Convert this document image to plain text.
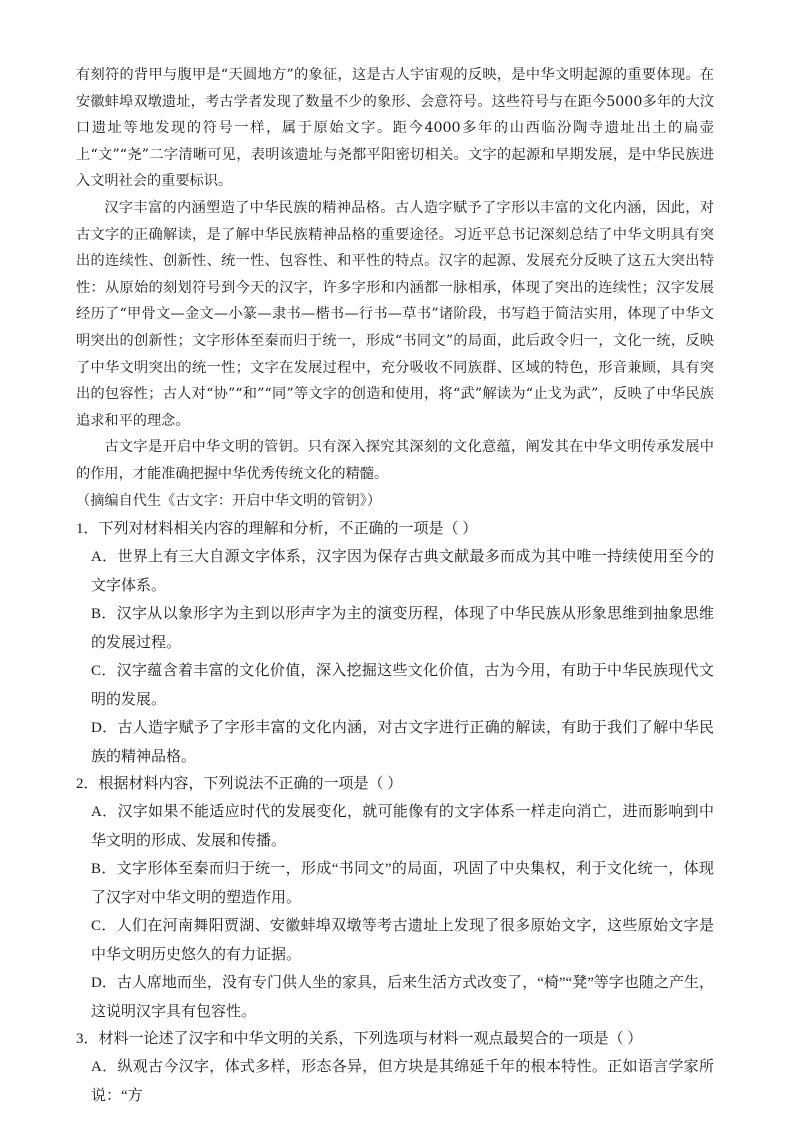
有刻符的背甲与腹甲是“天圆地方”的象征，这是古人宇宙观的反映，是中华文明起源的重要体现。在安徽蚌埠双墩遗址，考古学者发现了数量不少的象形、会意符号。这些符号与在距今5000多年的大汶口遗址等地发现的符号一样，属于原始文字。距今4000多年的山西临汾陶寺遗址出土的扁壶上“文”“尧”二字清晰可见，表明该遗址与尧都平阳密切相关。文字的起源和早期发展，是中华民族进入文明社会的重要标识。

汉字丰富的内涵塑造了中华民族的精神品格。古人造字赋予了字形以丰富的文化内涵，因此，对古文字的正确解读，是了解中华民族精神品格的重要途径。习近平总书记深刻总结了中华文明具有突出的连续性、创新性、统一性、包容性、和平性的特点。汉字的起源、发展充分反映了这五大突出特性：从原始的刻划符号到今天的汉字，许多字形和内涵都一脉相承，体现了突出的连续性；汉字发展经历了“甲骨文—金文—小篆—隶书—楷书—行书—草书”诸阶段，书写趋于简洁实用，体现了中华文明突出的创新性；文字形体至秦而归于统一，形成“书同文”的局面，此后政令归一，文化一统，反映了中华文明突出的统一性；文字在发展过程中，充分吸收不同族群、区域的特色，形音兼顾，具有突出的包容性；古人对“协”“和”“同”等文字的创造和使用，将“武”解读为“止戈为武”，反映了中华民族追求和平的理念。

古文字是开启中华文明的管钥。只有深入探究其深刻的文化意蕴，阐发其在中华文明传承发展中的作用，才能准确把握中华优秀传统文化的精髓。

（摘编自代生《古文字：开启中华文明的管钥》）

1．下列对材料相关内容的理解和分析，不正确的一项是（ ）

A．世界上有三大自源文字体系，汉字因为保存古典文献最多而成为其中唯一持续使用至今的文字体系。

B．汉字从以象形字为主到以形声字为主的演变历程，体现了中华民族从形象思维到抽象思维的发展过程。

C．汉字蕴含着丰富的文化价值，深入挖掘这些文化价值，古为今用，有助于中华民族现代文明的发展。

D．古人造字赋予了字形丰富的文化内涵，对古文字进行正确的解读，有助于我们了解中华民族的精神品格。

2．根据材料内容，下列说法不正确的一项是（ ）

A．汉字如果不能适应时代的发展变化，就可能像有的文字体系一样走向消亡，进而影响到中华文明的形成、发展和传播。

B．文字形体至秦而归于统一，形成“书同文”的局面，巩固了中央集权，利于文化统一，体现了汉字对中华文明的塑造作用。

C．人们在河南舞阳贾湖、安徽蚌埠双墩等考古遗址上发现了很多原始文字，这些原始文字是中华文明历史悠久的有力证据。

D．古人席地而坐，没有专门供人坐的家具，后来生活方式改变了，“椅”“凳”等字也随之产生，这说明汉字具有包容性。

3．材料一论述了汉字和中华文明的关系，下列选项与材料一观点最契合的一项是（ ）

A．纵观古今汉字，体式多样，形态各异，但方块是其绵延千年的根本特性。正如语言学家所说：“方
